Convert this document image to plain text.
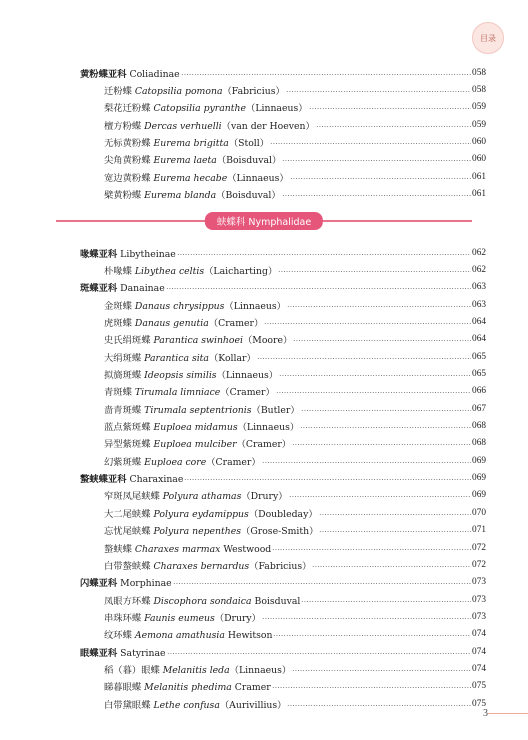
目录
黄粉蝶亚科 Coliadinae	058
迁粉蝶 Catopsilia pomona（Fabricius）	058
梨花迁粉蝶 Catopsilia pyranthe（Linnaeus）	059
檀方粉蝶 Dercas verhuelli（van der Hoeven）	059
无标黄粉蝶 Eurema brigitta（Stoll）	060
尖角黄粉蝶 Eurema laeta（Boisduval）	060
宽边黄粉蝶 Eurema hecabe（Linnaeus）	061
檗黄粉蝶 Eurema blanda（Boisduval）	061
蛱蝶科 Nymphalidae
喙蝶亚科 Libytheinae	062
朴喙蝶 Libythea celtis（Laicharting）	062
斑蝶亚科 Danainae	063
金斑蝶 Danaus chrysippus（Linnaeus）	063
虎斑蝶 Danaus genutia（Cramer）	064
史氏绢斑蝶 Parantica swinhoei（Moore）	064
大绢斑蝶 Parantica sita（Kollar）	065
拟旖斑蝶 Ideopsis similis（Linnaeus）	065
青斑蝶 Tirumala limniace（Cramer）	066
啬青斑蝶 Tirumala septentrionis（Butler）	067
蓝点紫斑蝶 Euploea midamus（Linnaeus）	068
异型紫斑蝶 Euploea mulciber（Cramer）	068
幻紫斑蝶 Euploea core（Cramer）	069
螯蛱蝶亚科 Charaxinae	069
窄斑凤尾蛱蝶 Polyura athamas（Drury）	069
大二尾蛱蝶 Polyura eydamippus（Doubleday）	070
忘忧尾蛱蝶 Polyura nepenthes（Grose-Smith）	071
螯蛱蝶 Charaxes marmax Westwood	072
白带螯蛱蝶 Charaxes bernardus（Fabricius）	072
闪蝶亚科 Morphinae	073
凤眼方环蝶 Discophora sondaica Boisduval	073
串珠环蝶 Faunis eumeus（Drury）	073
纹环蝶 Aemona amathusia Hewitson	074
眼蝶亚科 Satyrinae	074
稻（暮）眼蝶 Melanitis leda（Linnaeus）	074
睇暮眼蝶 Melanitis phedima Cramer	075
白带黛眼蝶 Lethe confusa（Aurivillius）	075
3
